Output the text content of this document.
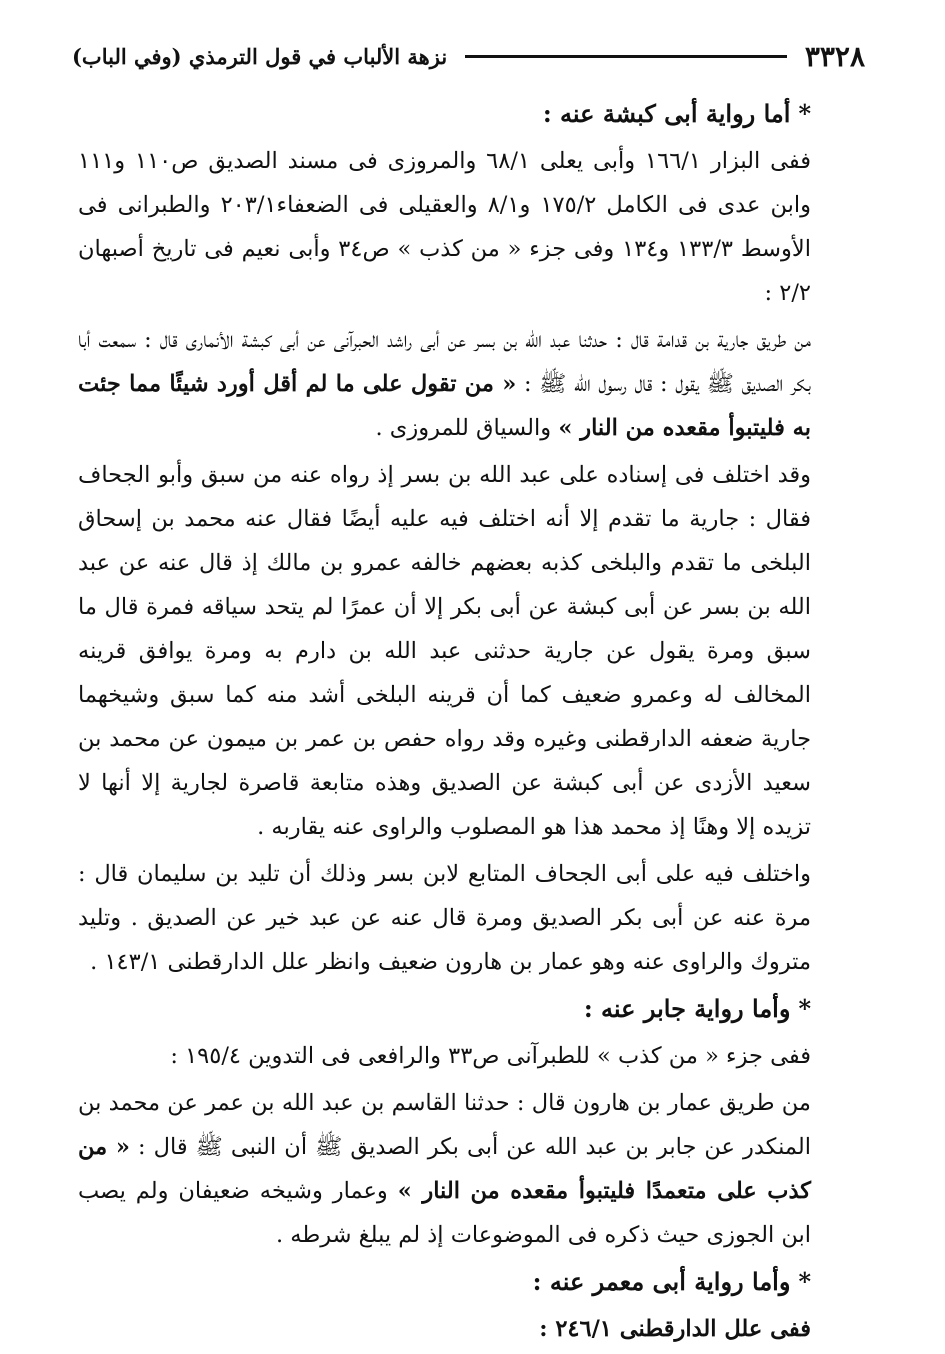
٣٣٢٨
نزهة الألباب في قول الترمذي (وفي الباب)

*أما رواية أبى كبشة عنه :

ففى البزار ١٦٦/١ وأبى يعلى ٦٨/١ والمروزى فى مسند الصديق ص١١٠ و١١١ وابن عدى فى الكامل ١٧٥/٢ و٨/١ والعقيلى فى الضعفاء٢٠٣/١ والطبرانى فى الأوسط ١٣٣/٣ و١٣٤ وفى جزء « من كذب » ص٣٤ وأبى نعيم فى تاريخ أصبهان ٢/٢ :

من طريق جارية بن قدامة قال : حدثنا عبد الله بن بسر عن أبى راشد الحبرآنى عن أبى كبشة الأنمارى قال : سمعت أبا بكر الصديق ﷺ يقول : قال رسول الله ﷺ : « من تقول على ما لم أقل أورد شيئًا مما جئت به فليتبوأ مقعده من النار » والسياق للمروزى .

وقد اختلف فى إسناده على عبد الله بن بسر إذ رواه عنه من سبق وأبو الجحاف فقال : جارية ما تقدم إلا أنه اختلف فيه عليه أيضًا فقال عنه محمد بن إسحاق البلخى ما تقدم والبلخى كذبه بعضهم خالفه عمرو بن مالك إذ قال عنه عن عبد الله بن بسر عن أبى كبشة عن أبى بكر إلا أن عمرًا لم يتحد سياقه فمرة قال ما سبق ومرة يقول عن جارية حدثنى عبد الله بن دارم به ومرة يوافق قرينه المخالف له وعمرو ضعيف كما أن قرينه البلخى أشد منه كما سبق وشيخهما جارية ضعفه الدارقطنى وغيره وقد رواه حفص بن عمر بن ميمون عن محمد بن سعيد الأزدى عن أبى كبشة عن الصديق وهذه متابعة قاصرة لجارية إلا أنها لا تزيده إلا وهنًا إذ محمد هذا هو المصلوب والراوى عنه يقاربه .

واختلف فيه على أبى الجحاف المتابع لابن بسر وذلك أن تليد بن سليمان قال : مرة عنه عن أبى بكر الصديق ومرة قال عنه عن عبد خير عن الصديق . وتليد متروك والراوى عنه وهو عمار بن هارون ضعيف وانظر علل الدارقطنى ١٤٣/١ .

*وأما رواية جابر عنه :

ففى جزء « من كذب » للطبرآنى ص٣٣ والرافعى فى التدوين ١٩٥/٤ :

من طريق عمار بن هارون قال : حدثنا القاسم بن عبد الله بن عمر عن محمد بن المنكدر عن جابر بن عبد الله عن أبى بكر الصديق ﷺ أن النبى ﷺ قال : « من كذب على متعمدًا فليتبوأ مقعده من النار » وعمار وشيخه ضعيفان ولم يصب ابن الجوزى حيث ذكره فى الموضوعات إذ لم يبلغ شرطه .

*وأما رواية أبى معمر عنه :

ففى علل الدارقطنى ٢٤٦/١ :
